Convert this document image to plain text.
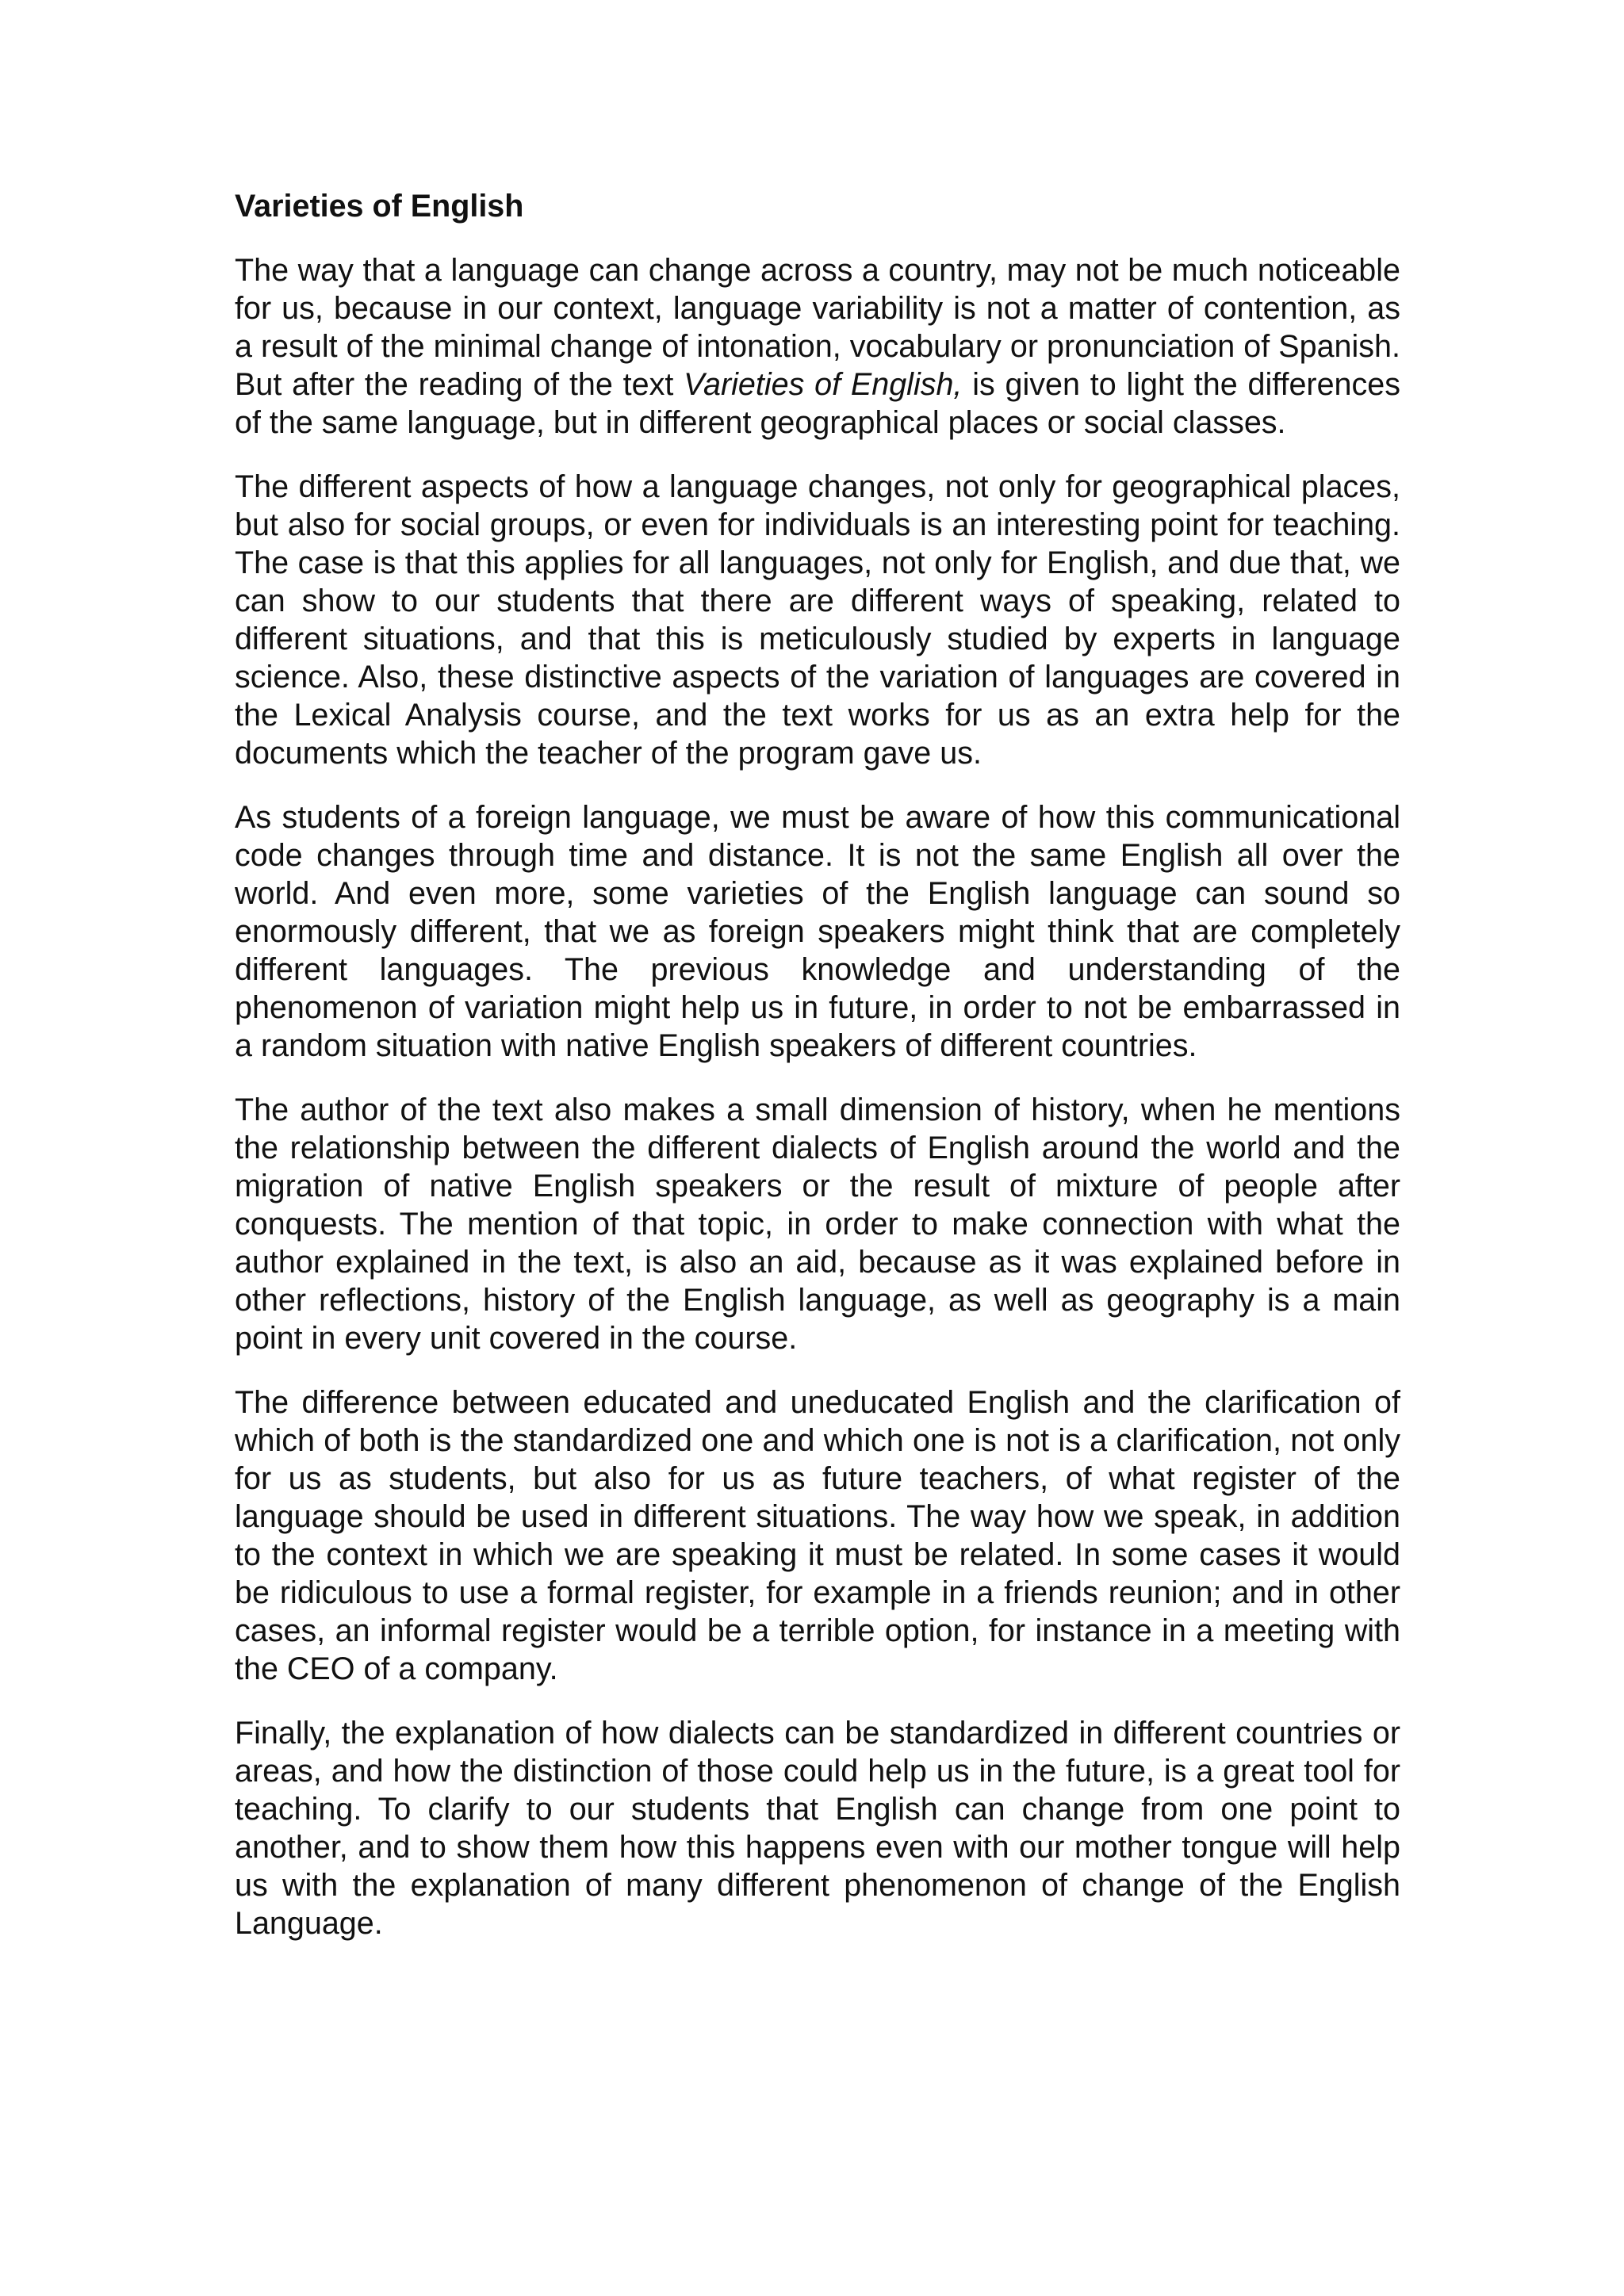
Varieties of English

The way that a language can change across a country, may not be much noticeable for us, because in our context, language variability is not a matter of contention, as a result of the minimal change of intonation, vocabulary or pronunciation of Spanish. But after the reading of the text Varieties of English, is given to light the differences of the same language, but in different geographical places or social classes.

The different aspects of how a language changes, not only for geographical places, but also for social groups, or even for individuals is an interesting point for teaching. The case is that this applies for all languages, not only for English, and due that, we can show to our students that there are different ways of speaking, related to different situations, and that this is meticulously studied by experts in language science. Also, these distinctive aspects of the variation of languages are covered in the Lexical Analysis course, and the text works for us as an extra help for the documents which the teacher of the program gave us.

As students of a foreign language, we must be aware of how this communicational code changes through time and distance. It is not the same English all over the world. And even more, some varieties of the English language can sound so enormously different, that we as foreign speakers might think that are completely different languages. The previous knowledge and understanding of the phenomenon of variation might help us in future, in order to not be embarrassed in a random situation with native English speakers of different countries.

The author of the text also makes a small dimension of history, when he mentions the relationship between the different dialects of English around the world and the migration of native English speakers or the result of mixture of people after conquests. The mention of that topic, in order to make connection with what the author explained in the text, is also an aid, because as it was explained before in other reflections, history of the English language, as well as geography is a main point in every unit covered in the course.

The difference between educated and uneducated English and the clarification of which of both is the standardized one and which one is not is a clarification, not only for us as students, but also for us as future teachers, of what register of the language should be used in different situations. The way how we speak, in addition to the context in which we are speaking it must be related. In some cases it would be ridiculous to use a formal register, for example in a friends reunion; and in other cases, an informal register would be a terrible option, for instance in a meeting with the CEO of a company.

Finally, the explanation of how dialects can be standardized in different countries or areas, and how the distinction of those could help us in the future, is a great tool for teaching. To clarify to our students that English can change from one point to another, and to show them how this happens even with our mother tongue will help us with the explanation of many different phenomenon of change of the English Language.
